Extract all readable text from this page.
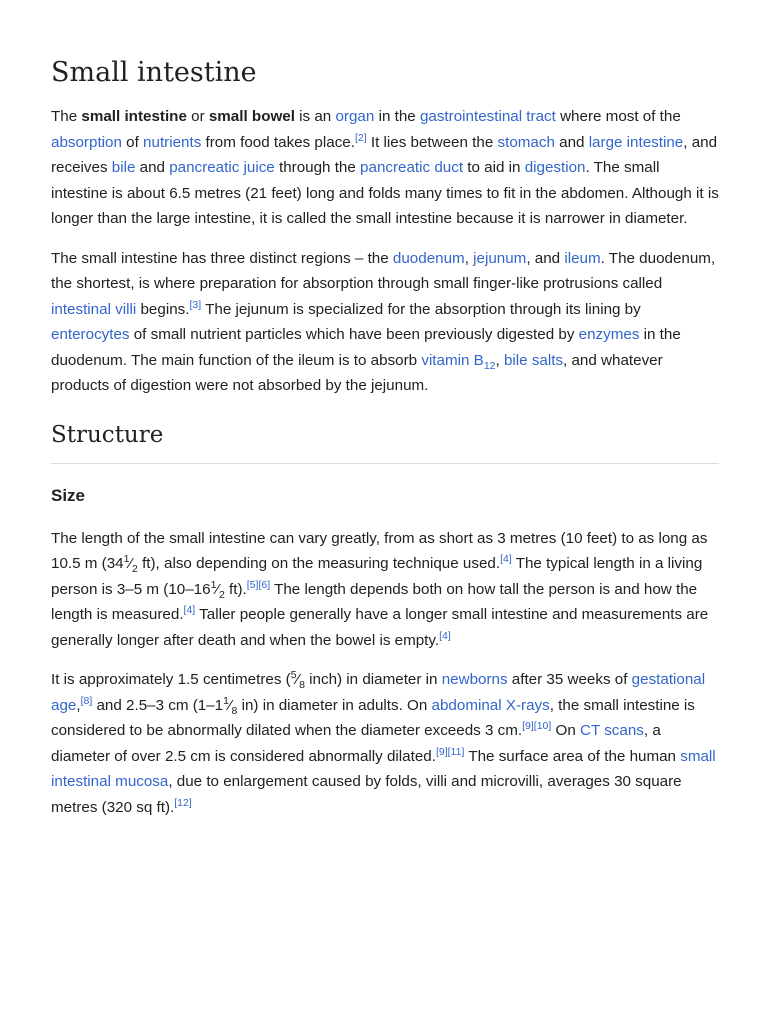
Small intestine

The small intestine or small bowel is an organ in the gastrointestinal tract where most of the absorption of nutrients from food takes place.[2] It lies between the stomach and large intestine, and receives bile and pancreatic juice through the pancreatic duct to aid in digestion. The small intestine is about 6.5 metres (21 feet) long and folds many times to fit in the abdomen. Although it is longer than the large intestine, it is called the small intestine because it is narrower in diameter.

The small intestine has three distinct regions – the duodenum, jejunum, and ileum. The duodenum, the shortest, is where preparation for absorption through small finger-like protrusions called intestinal villi begins.[3] The jejunum is specialized for the absorption through its lining by enterocytes of small nutrient particles which have been previously digested by enzymes in the duodenum. The main function of the ileum is to absorb vitamin $B_{12}$, bile salts, and whatever products of digestion were not absorbed by the jejunum.

Structure
Size

The length of the small intestine can vary greatly, from as short as 3 metres (10 feet) to as long as 10.5 m ($34^1⁄_2$ ft), also depending on the measuring technique used.[4] The typical length in a living person is 3–5 m ($10-16^1⁄_2$ ft).[5][6] The length depends both on how tall the person is and how the length is measured.[4] Taller people generally have a longer small intestine and measurements are generally longer after death and when the bowel is empty.[4]

It is approximately 1.5 centimetres ($^5⁄_8$ inch) in diameter in newborns after 35 weeks of gestational age,[8] and 2.5–3 cm ($1-1^1⁄_8$ in) in diameter in adults. On abdominal X-rays, the small intestine is considered to be abnormally dilated when the diameter exceeds 3 cm.[9][10] On CT scans, a diameter of over 2.5 cm is considered abnormally dilated.[9][11] The surface area of the human small intestinal mucosa, due to enlargement caused by folds, villi and microvilli, averages 30 square metres (320 sq ft).[12]
